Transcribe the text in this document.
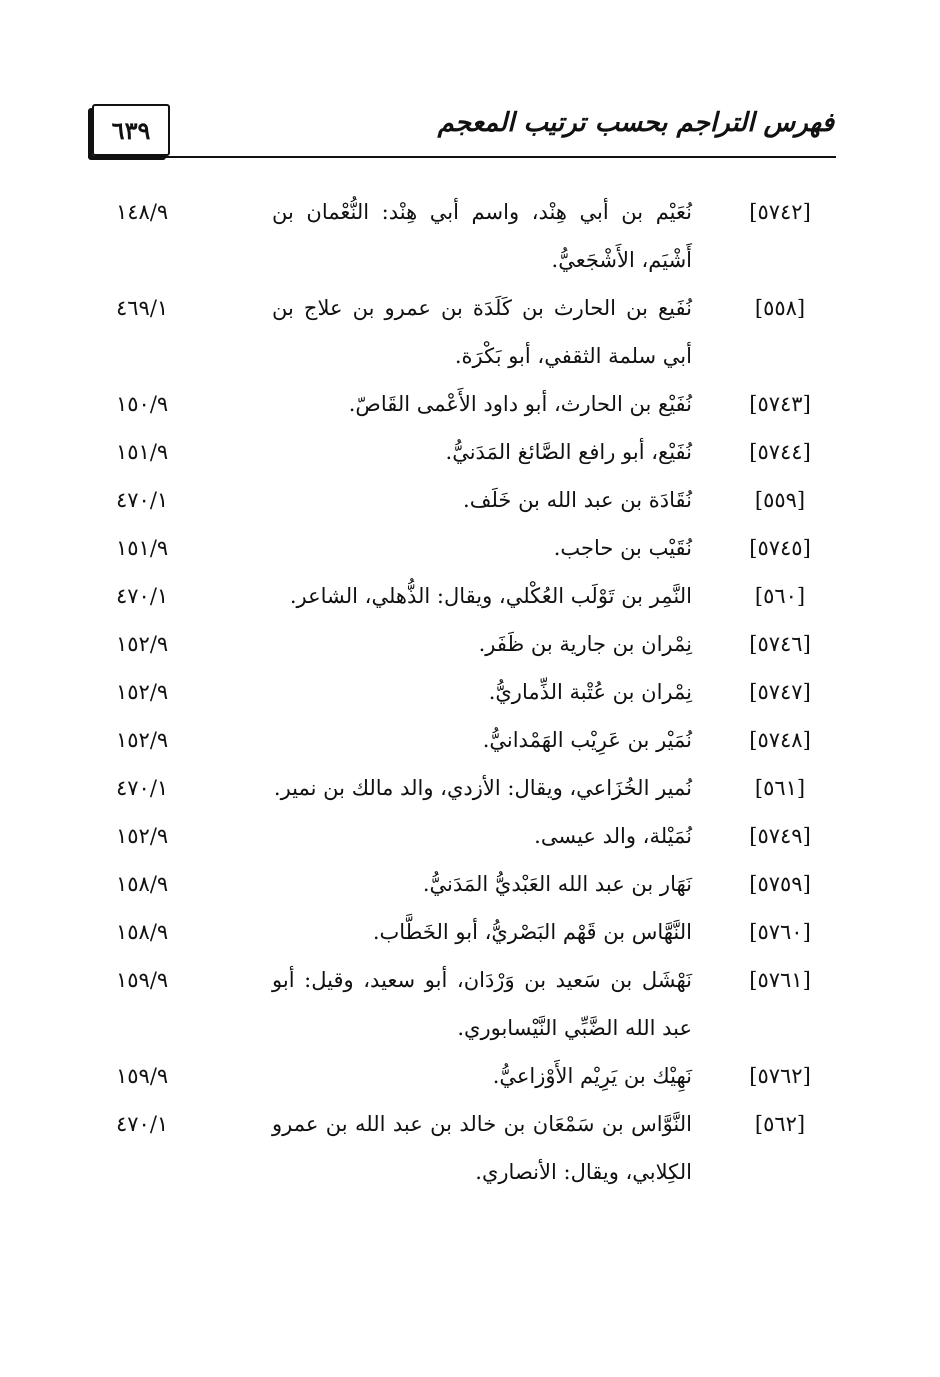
٦٣٩	فهرس التراجم بحسب ترتيب المعجم
[٥٧٤٢]
نُعَيْم بن أبي هِنْد، واسم أبي هِنْد: النُّعْمان بن أَشْيَم، الأَشْجَعيُّ.
١٤٨/٩
[٥٥٨]
نُفَيع بن الحارث بن كَلَدَة بن عمرو بن علاج بن أبي سلمة الثقفي، أبو بَكْرَة.
٤٦٩/١
[٥٧٤٣]
نُفَيْع بن الحارث، أبو داود الأَعْمى القَاصّ.
١٥٠/٩
[٥٧٤٤]
نُفَيْع، أبو رافع الصَّائغ المَدَنيُّ.
١٥١/٩
[٥٥٩]
نُقَادَة بن عبد الله بن خَلَف.
٤٧٠/١
[٥٧٤٥]
نُقَيْب بن حاجب.
١٥١/٩
[٥٦٠]
النَّمِر بن تَوْلَب العُكْلي، ويقال: الذُّهلي، الشاعر.
٤٧٠/١
[٥٧٤٦]
نِمْران بن جارية بن ظَفَر.
١٥٢/٩
[٥٧٤٧]
نِمْران بن عُتْبة الذِّماريُّ.
١٥٢/٩
[٥٧٤٨]
نُمَيْر بن عَرِيْب الهَمْدانيُّ.
١٥٢/٩
[٥٦١]
نُمير الخُزَاعي، ويقال: الأزدي، والد مالك بن نمير.
٤٧٠/١
[٥٧٤٩]
نُمَيْلة، والد عيسى.
١٥٢/٩
[٥٧٥٩]
نَهَار بن عبد الله العَبْديُّ المَدَنيُّ.
١٥٨/٩
[٥٧٦٠]
النَّهَّاس بن قَهْم البَصْريُّ، أبو الخَطَّاب.
١٥٨/٩
[٥٧٦١]
نَهْشَل بن سَعيد بن وَرْدَان، أبو سعيد، وقيل: أبو عبد الله الضَّبِّي النَّيْسابوري.
١٥٩/٩
[٥٧٦٢]
نَهِيْك بن يَرِيْم الأَوْزاعيُّ.
١٥٩/٩
[٥٦٢]
النَّوَّاس بن سَمْعَان بن خالد بن عبد الله بن عمرو الكِلابي، ويقال: الأنصاري.
٤٧٠/١
